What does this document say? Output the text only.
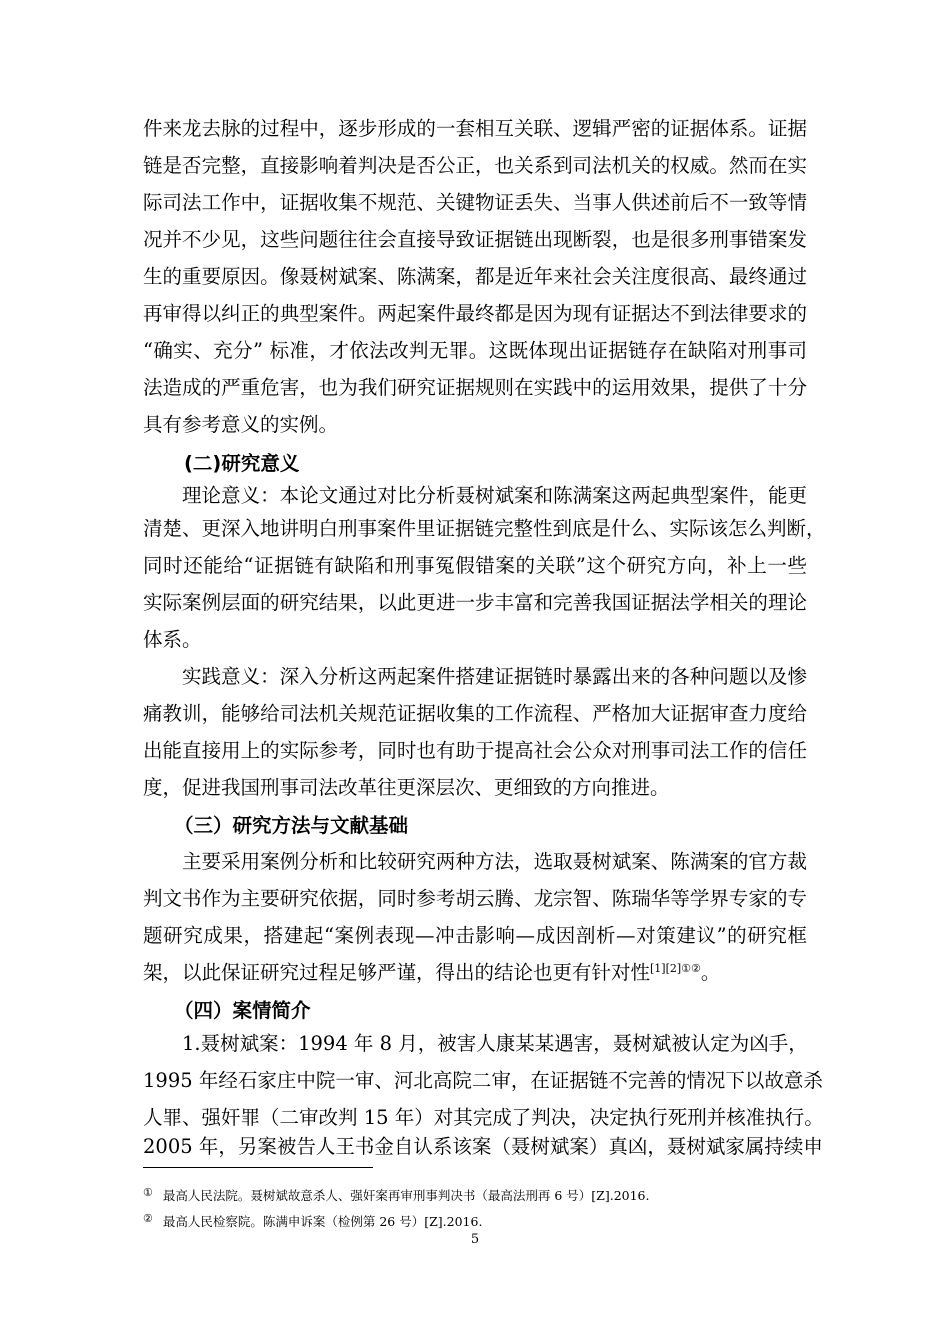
件来龙去脉的过程中，逐步形成的一套相互关联、逻辑严密的证据体系。证据
链是否完整，直接影响着判决是否公正，也关系到司法机关的权威。然而在实
际司法工作中，证据收集不规范、关键物证丢失、当事人供述前后不一致等情
况并不少见，这些问题往往会直接导致证据链出现断裂，也是很多刑事错案发
生的重要原因。像聂树斌案、陈满案，都是近年来社会关注度很高、最终通过
再审得以纠正的典型案件。两起案件最终都是因为现有证据达不到法律要求的
“确实、充分” 标准，才依法改判无罪。这既体现出证据链存在缺陷对刑事司
法造成的严重危害，也为我们研究证据规则在实践中的运用效果，提供了十分
具有参考意义的实例。
(二)研究意义
理论意义：本论文通过对比分析聂树斌案和陈满案这两起典型案件，能更
清楚、更深入地讲明白刑事案件里证据链完整性到底是什么、实际该怎么判断，
同时还能给“证据链有缺陷和刑事冤假错案的关联”这个研究方向，补上一些
实际案例层面的研究结果，以此更进一步丰富和完善我国证据法学相关的理论
体系。
实践意义：深入分析这两起案件搭建证据链时暴露出来的各种问题以及惨
痛教训，能够给司法机关规范证据收集的工作流程、严格加大证据审查力度给
出能直接用上的实际参考，同时也有助于提高社会公众对刑事司法工作的信任
度，促进我国刑事司法改革往更深层次、更细致的方向推进。
（三）研究方法与文献基础
主要采用案例分析和比较研究两种方法，选取聂树斌案、陈满案的官方裁
判文书作为主要研究依据，同时参考胡云腾、龙宗智、陈瑞华等学界专家的专
题研究成果，搭建起“案例表现—冲击影响—成因剖析—对策建议”的研究框
架，以此保证研究过程足够严谨，得出的结论也更有针对性$^{[1][2]①②}$。
（四）案情简介
1.聂树斌案：1994 年 8 月，被害人康某某遇害，聂树斌被认定为凶手，
1995 年经石家庄中院一审、河北高院二审，在证据链不完善的情况下以故意杀
人罪、强奸罪（二审改判 15 年）对其完成了判决，决定执行死刑并核准执行。
2005 年，另案被告人王书金自认系该案（聂树斌案）真凶，聂树斌家属持续申
① 最高人民法院。聂树斌故意杀人、强奸案再审刑事判决书（最高法刑再 6 号）[Z].2016.
② 最高人民检察院。陈满申诉案（检例第 26 号）[Z].2016.
5
